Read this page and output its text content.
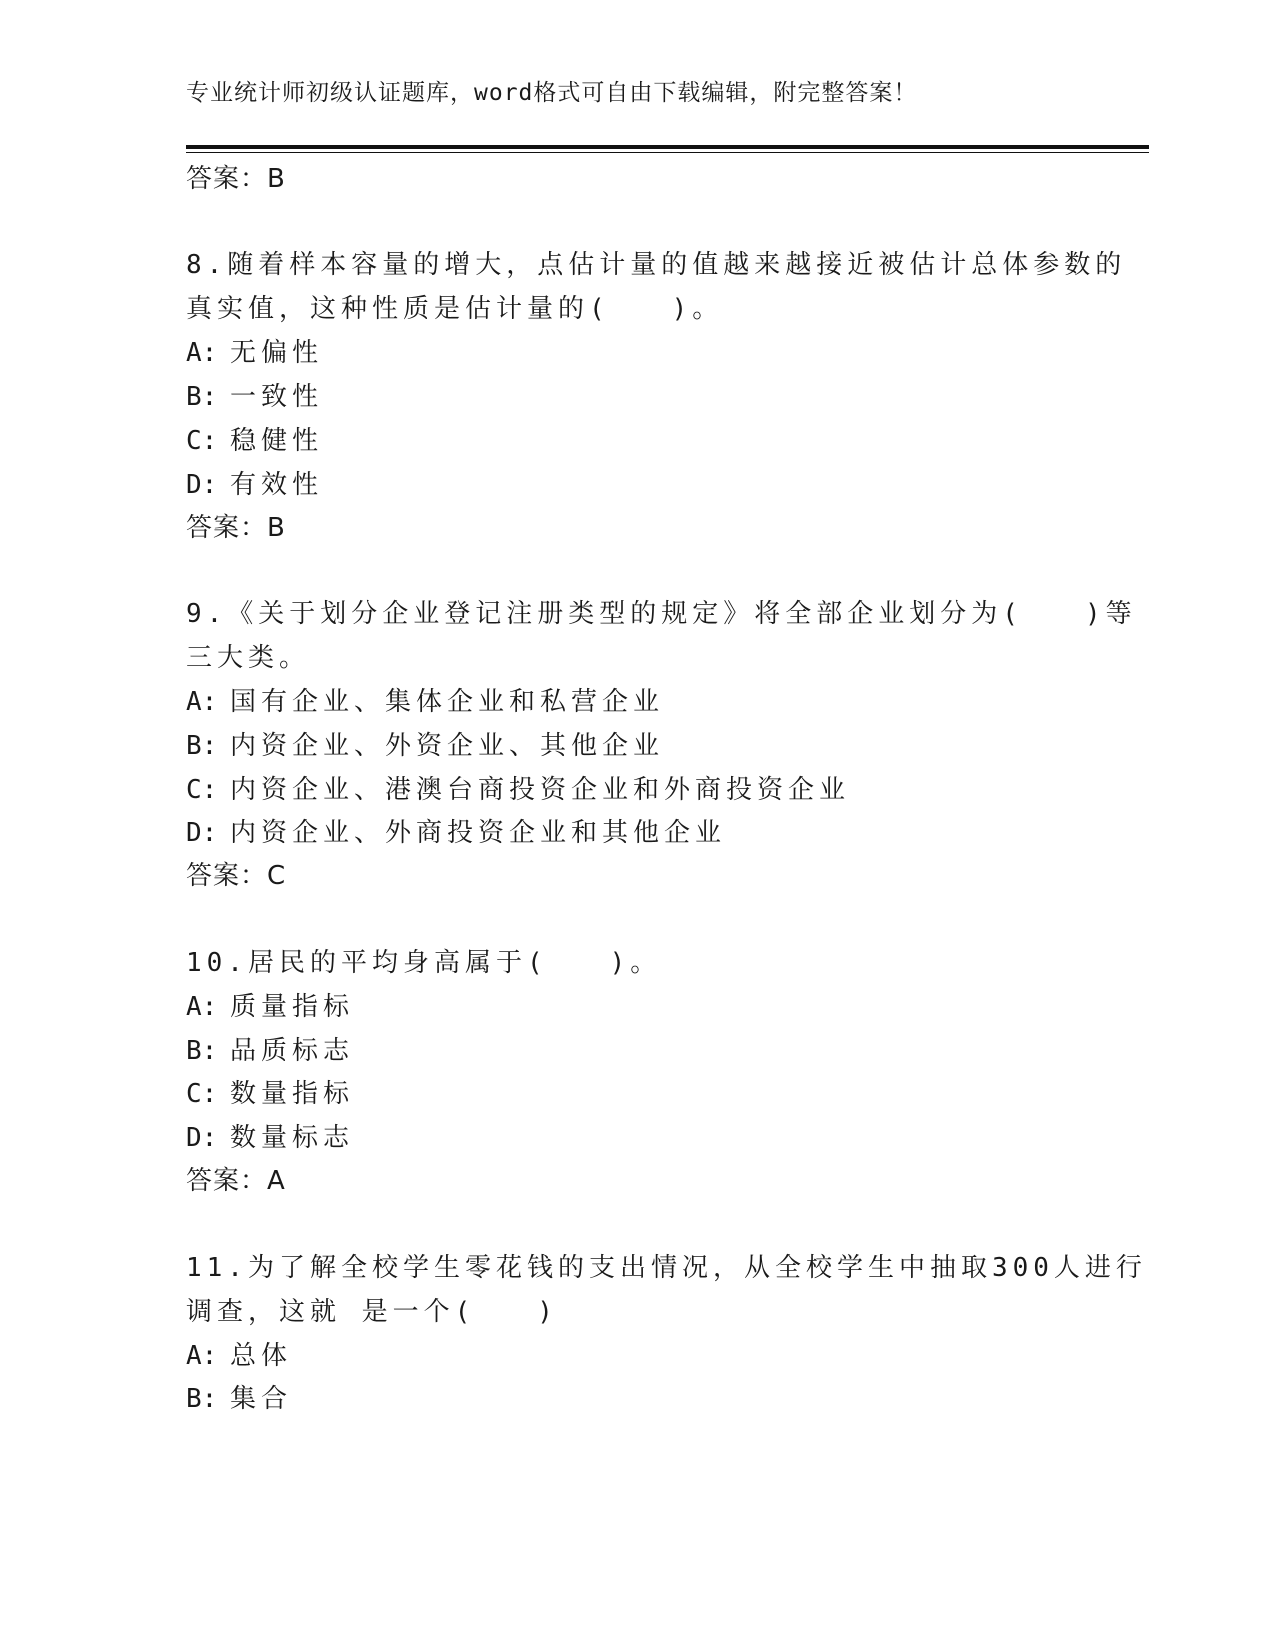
专业统计师初级认证题库，word格式可自由下载编辑，附完整答案！
答案：B
8.随着样本容量的增大，点估计量的值越来越接近被估计总体参数的
真实值，这种性质是估计量的(　　)。
A: 无偏性
B: 一致性
C: 稳健性
D: 有效性
答案：B
9.《关于划分企业登记注册类型的规定》将全部企业划分为(　　)等
三大类。
A: 国有企业、集体企业和私营企业
B: 内资企业、外资企业、其他企业
C: 内资企业、港澳台商投资企业和外商投资企业
D: 内资企业、外商投资企业和其他企业
答案：C
10.居民的平均身高属于(　　)。
A: 质量指标
B: 品质标志
C: 数量指标
D: 数量标志
答案：A
11.为了解全校学生零花钱的支出情况，从全校学生中抽取300人进行
调查，这就 是一个(　　)
A: 总体
B: 集合
